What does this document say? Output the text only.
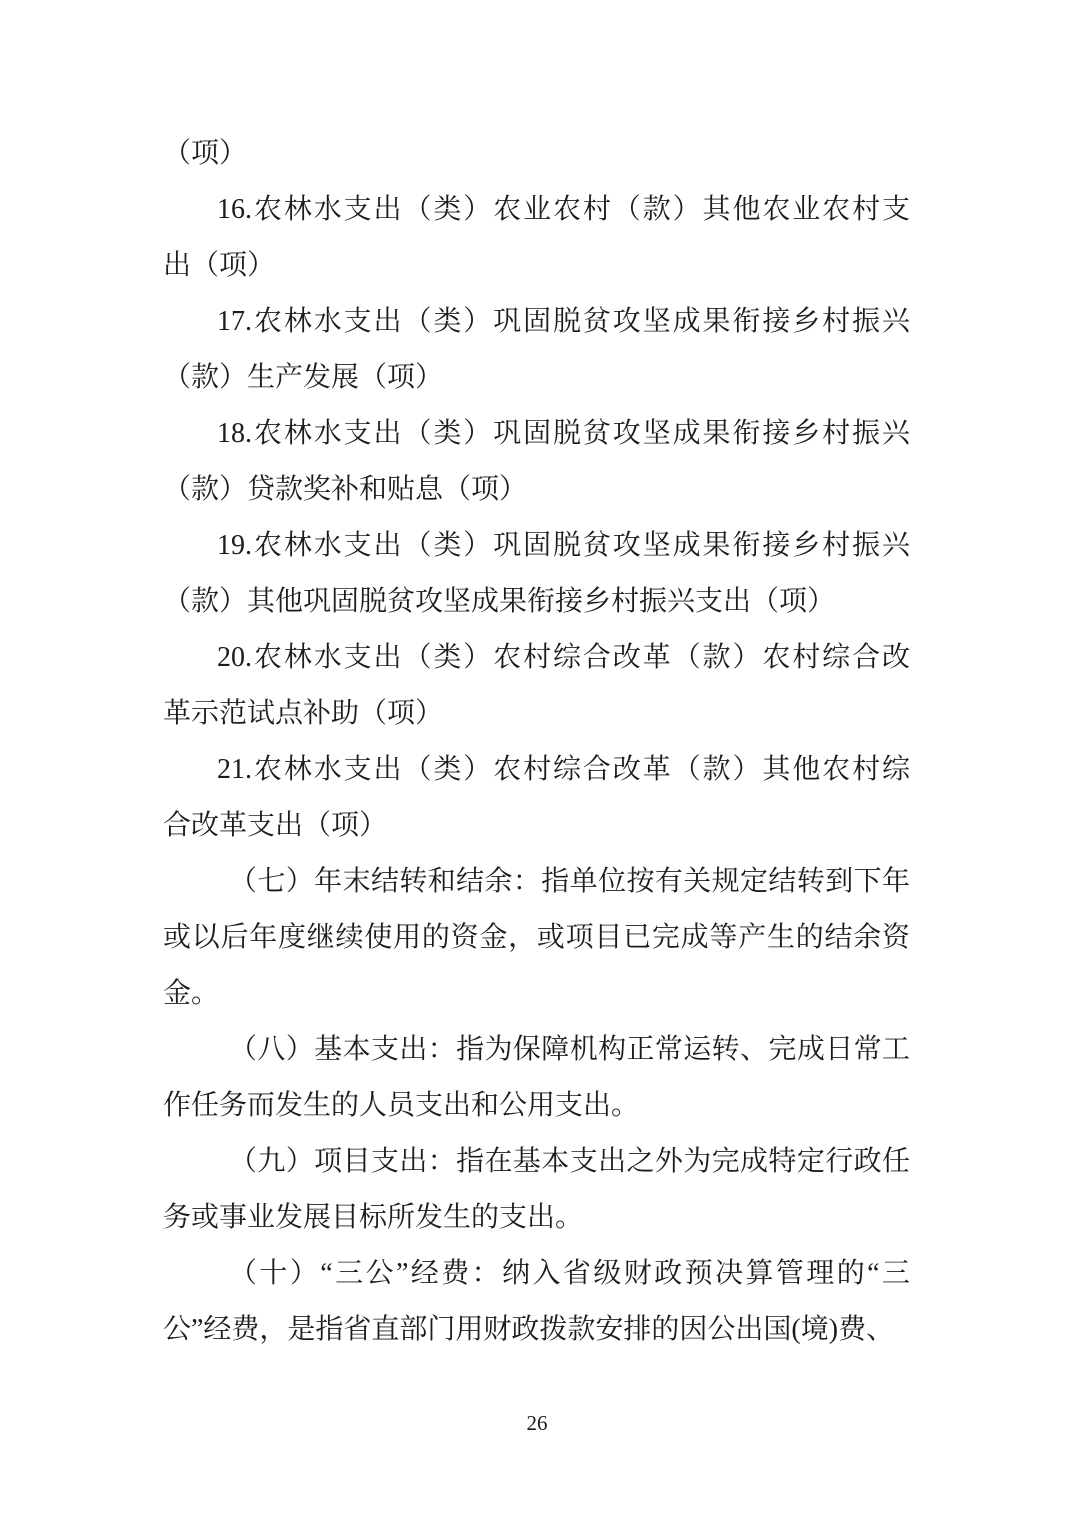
（项）
16.农林水支出（类）农业农村（款）其他农业农村支
出（项）
17.农林水支出（类）巩固脱贫攻坚成果衔接乡村振兴
（款）生产发展（项）
18.农林水支出（类）巩固脱贫攻坚成果衔接乡村振兴
（款）贷款奖补和贴息（项）
19.农林水支出（类）巩固脱贫攻坚成果衔接乡村振兴
（款）其他巩固脱贫攻坚成果衔接乡村振兴支出（项）
20.农林水支出（类）农村综合改革（款）农村综合改
革示范试点补助（项）
21.农林水支出（类）农村综合改革（款）其他农村综
合改革支出（项）
（七）年末结转和结余：指单位按有关规定结转到下年
或以后年度继续使用的资金，或项目已完成等产生的结余资
金。
（八）基本支出：指为保障机构正常运转、完成日常工
作任务而发生的人员支出和公用支出。
（九）项目支出：指在基本支出之外为完成特定行政任
务或事业发展目标所发生的支出。
（十）“三公”经费：纳入省级财政预决算管理的“三
公”经费，是指省直部门用财政拨款安排的因公出国(境)费、
26
